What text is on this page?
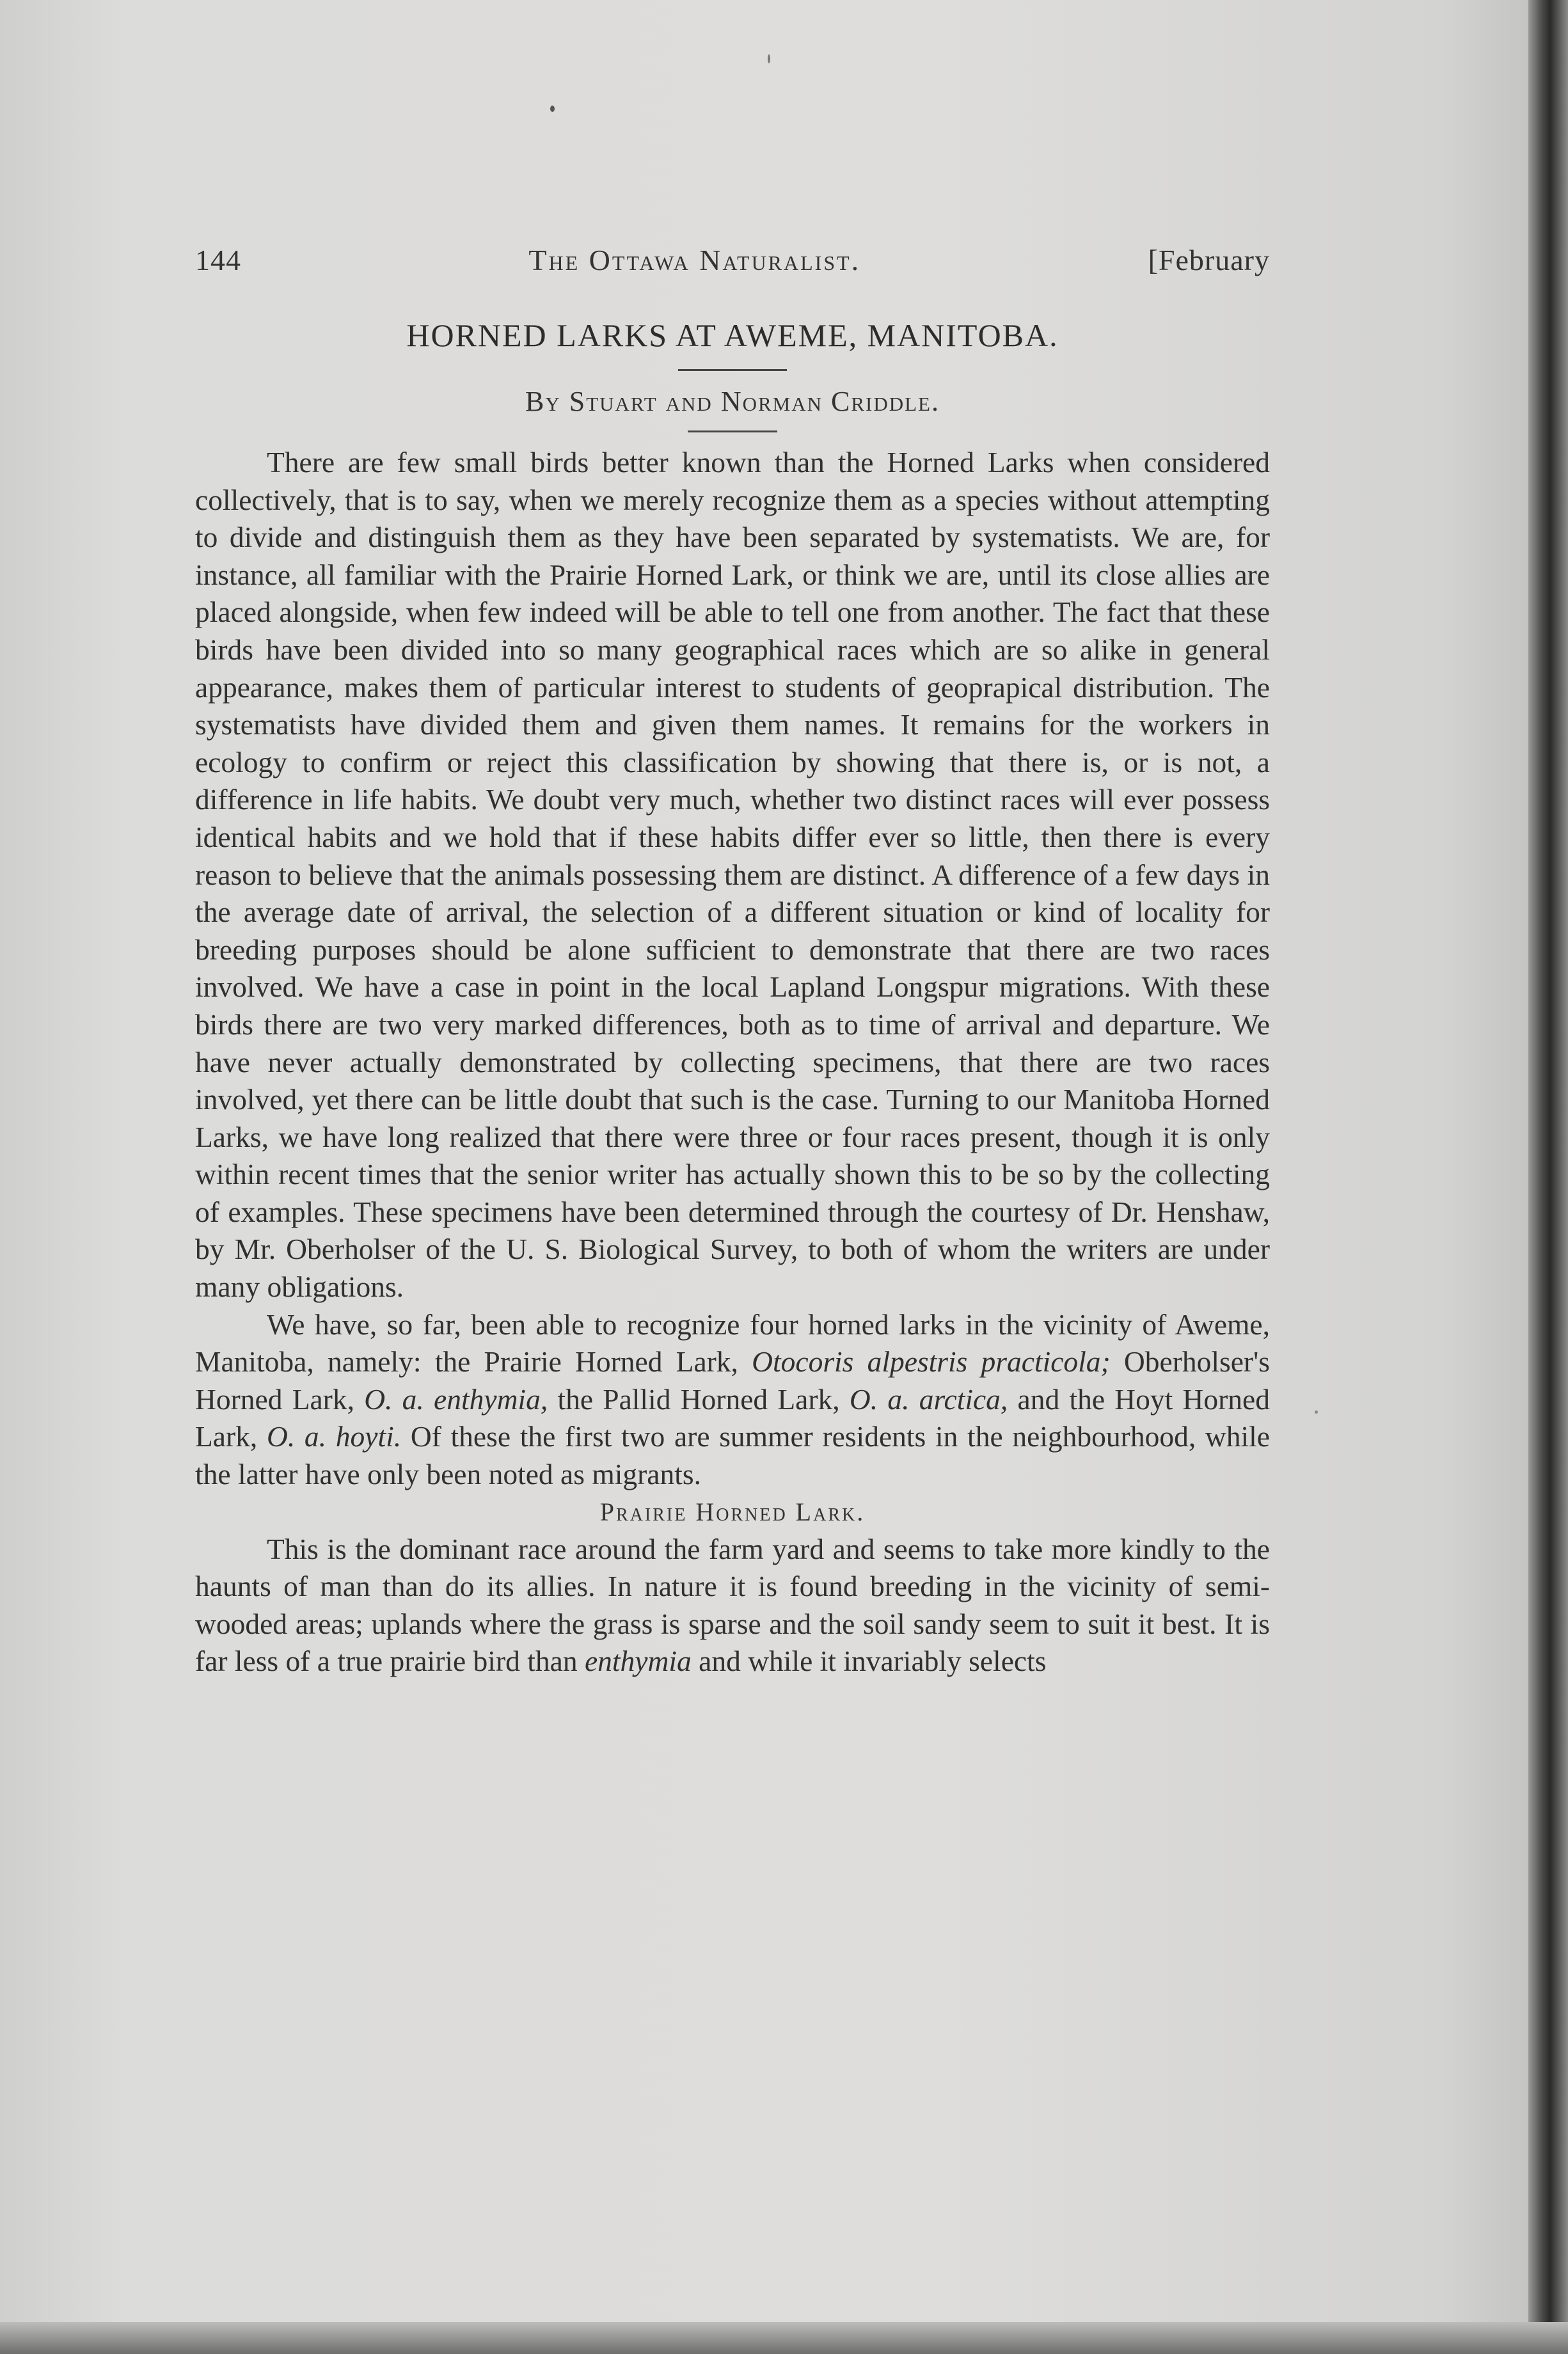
144	The Ottawa Naturalist.	[February
HORNED LARKS AT AWEME, MANITOBA.
By Stuart and Norman Criddle.

There are few small birds better known than the Horned Larks when considered collectively, that is to say, when we merely recognize them as a species without attempting to divide and distinguish them as they have been separated by systematists. We are, for instance, all familiar with the Prairie Horned Lark, or think we are, until its close allies are placed alongside, when few indeed will be able to tell one from another. The fact that these birds have been divided into so many geographical races which are so alike in general appearance, makes them of particular interest to students of geoprapical distribution. The systematists have divided them and given them names. It remains for the workers in ecology to confirm or reject this classification by showing that there is, or is not, a difference in life habits. We doubt very much, whether two distinct races will ever possess identical habits and we hold that if these habits differ ever so little, then there is every reason to believe that the animals possessing them are distinct. A difference of a few days in the average date of arrival, the selection of a different situation or kind of locality for breeding purposes should be alone sufficient to demonstrate that there are two races involved. We have a case in point in the local Lapland Longspur migrations. With these birds there are two very marked differences, both as to time of arrival and departure. We have never actually demonstrated by collecting specimens, that there are two races involved, yet there can be little doubt that such is the case. Turning to our Manitoba Horned Larks, we have long realized that there were three or four races present, though it is only within recent times that the senior writer has actually shown this to be so by the collecting of examples. These specimens have been determined through the courtesy of Dr. Henshaw, by Mr. Oberholser of the U. S. Biological Survey, to both of whom the writers are under many obligations.

We have, so far, been able to recognize four horned larks in the vicinity of Aweme, Manitoba, namely: the Prairie Horned Lark, Otocoris alpestris practicola; Oberholser's Horned Lark, O. a. enthymia, the Pallid Horned Lark, O. a. arctica, and the Hoyt Horned Lark, O. a. hoyti. Of these the first two are summer residents in the neighbourhood, while the latter have only been noted as migrants.

Prairie Horned Lark.

This is the dominant race around the farm yard and seems to take more kindly to the haunts of man than do its allies. In nature it is found breeding in the vicinity of semi-wooded areas; uplands where the grass is sparse and the soil sandy seem to suit it best. It is far less of a true prairie bird than enthymia and while it invariably selects
